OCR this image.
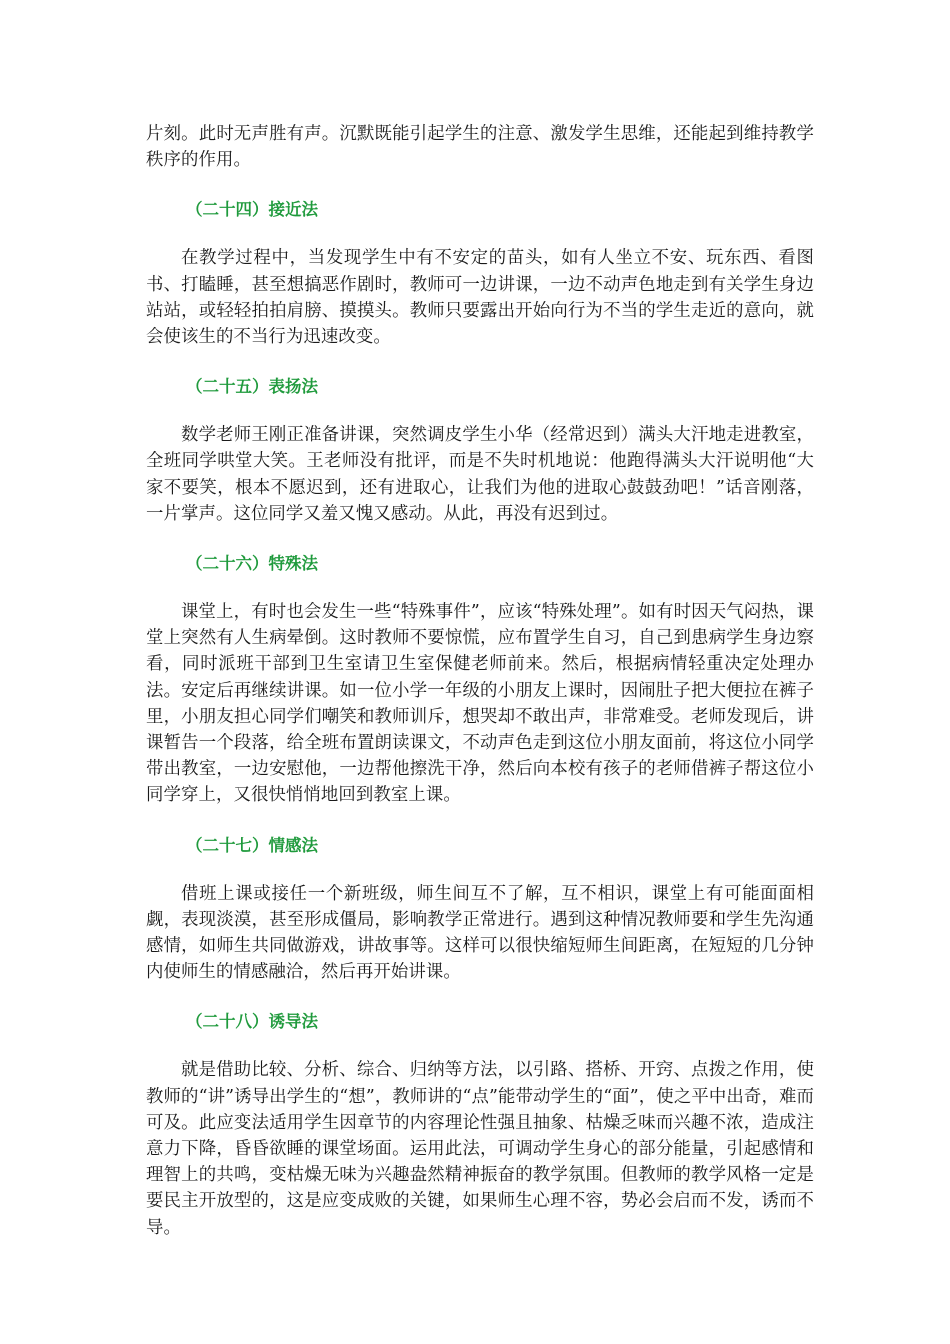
片刻。此时无声胜有声。沉默既能引起学生的注意、激发学生思维，还能起到维持教学秩序的作用。

（二十四）接近法

在教学过程中，当发现学生中有不安定的苗头，如有人坐立不安、玩东西、看图书、打瞌睡，甚至想搞恶作剧时，教师可一边讲课，一边不动声色地走到有关学生身边站站，或轻轻拍拍肩膀、摸摸头。教师只要露出开始向行为不当的学生走近的意向，就会使该生的不当行为迅速改变。

（二十五）表扬法

数学老师王刚正准备讲课，突然调皮学生小华（经常迟到）满头大汗地走进教室，全班同学哄堂大笑。王老师没有批评，而是不失时机地说：他跑得满头大汗说明他“大家不要笑，根本不愿迟到，还有进取心，让我们为他的进取心鼓鼓劲吧！”话音刚落，一片掌声。这位同学又羞又愧又感动。从此，再没有迟到过。

（二十六）特殊法

课堂上，有时也会发生一些“特殊事件”，应该“特殊处理”。如有时因天气闷热，课堂上突然有人生病晕倒。这时教师不要惊慌，应布置学生自习，自己到患病学生身边察看，同时派班干部到卫生室请卫生室保健老师前来。然后，根据病情轻重决定处理办法。安定后再继续讲课。如一位小学一年级的小朋友上课时，因闹肚子把大便拉在裤子里，小朋友担心同学们嘲笑和教师训斥，想哭却不敢出声，非常难受。老师发现后，讲课暂告一个段落，给全班布置朗读课文，不动声色走到这位小朋友面前，将这位小同学带出教室，一边安慰他，一边帮他擦洗干净，然后向本校有孩子的老师借裤子帮这位小同学穿上，又很快悄悄地回到教室上课。

（二十七）情感法

借班上课或接任一个新班级，师生间互不了解，互不相识，课堂上有可能面面相觑，表现淡漠，甚至形成僵局，影响教学正常进行。遇到这种情况教师要和学生先沟通感情，如师生共同做游戏，讲故事等。这样可以很快缩短师生间距离，在短短的几分钟内使师生的情感融洽，然后再开始讲课。

（二十八）诱导法

就是借助比较、分析、综合、归纳等方法，以引路、搭桥、开窍、点拨之作用，使教师的“讲”诱导出学生的“想”，教师讲的“点”能带动学生的“面”，使之平中出奇，难而可及。此应变法适用学生因章节的内容理论性强且抽象、枯燥乏味而兴趣不浓，造成注意力下降，昏昏欲睡的课堂场面。运用此法，可调动学生身心的部分能量，引起感情和理智上的共鸣，变枯燥无味为兴趣盎然精神振奋的教学氛围。但教师的教学风格一定是要民主开放型的，这是应变成败的关键，如果师生心理不容，势必会启而不发，诱而不导。
